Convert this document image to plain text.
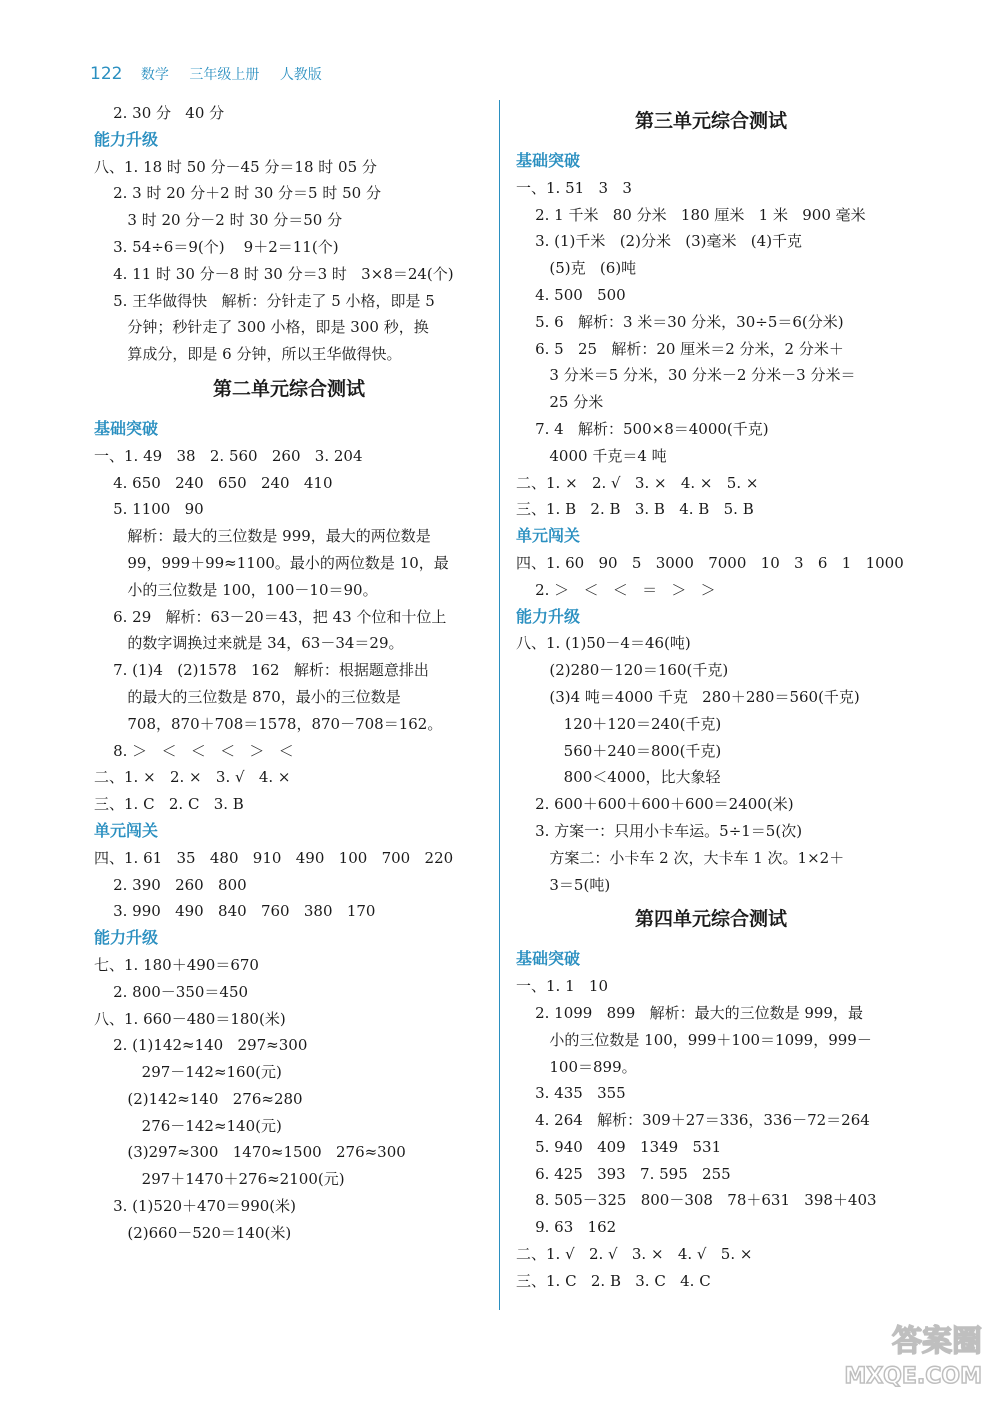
122 数学 三年级上册 人教版
2. 30 分   40 分
能力升级
八、1. 18 时 50 分－45 分＝18 时 05 分
2. 3 时 20 分＋2 时 30 分＝5 时 50 分
3 时 20 分－2 时 30 分＝50 分
3. 54÷6＝9(个)    9＋2＝11(个)
4. 11 时 30 分－8 时 30 分＝3 时   3×8＝24(个)
5. 王华做得快   解析：分针走了 5 小格，即是 5
分钟；秒针走了 300 小格，即是 300 秒，换
算成分，即是 6 分钟，所以王华做得快。
第二单元综合测试
基础突破
一、1. 49   38   2. 560   260   3. 204
4. 650   240   650   240   410
5. 1100   90
解析：最大的三位数是 999，最大的两位数是
99，999＋99≈1100。最小的两位数是 10，最
小的三位数是 100，100－10＝90。
6. 29   解析：63－20＝43，把 43 个位和十位上
的数字调换过来就是 34，63－34＝29。
7. (1)4   (2)1578   162   解析：根据题意排出
的最大的三位数是 870，最小的三位数是
708，870＋708＝1578，870－708＝162。
8. ＞   ＜   ＜   ＜   ＞   ＜
二、1. ×   2. ×   3. √   4. ×
三、1. C   2. C   3. B
单元闯关
四、1. 61   35   480   910   490   100   700   220
2. 390   260   800
3. 990   490   840   760   380   170
能力升级
七、1. 180＋490＝670
2. 800－350＝450
八、1. 660－480＝180(米)
2. (1)142≈140   297≈300
297－142≈160(元)
(2)142≈140   276≈280
276－142≈140(元)
(3)297≈300   1470≈1500   276≈300
297＋1470＋276≈2100(元)
3. (1)520＋470＝990(米)
(2)660－520＝140(米)
第三单元综合测试
基础突破
一、1. 51   3   3
2. 1 千米   80 分米   180 厘米   1 米   900 毫米
3. (1)千米   (2)分米   (3)毫米   (4)千克
(5)克   (6)吨
4. 500   500
5. 6   解析：3 米＝30 分米，30÷5＝6(分米)
6. 5   25   解析：20 厘米＝2 分米，2 分米＋
3 分米＝5 分米，30 分米－2 分米－3 分米＝
25 分米
7. 4   解析：500×8＝4000(千克)
4000 千克＝4 吨
二、1. ×   2. √   3. ×   4. ×   5. ×
三、1. B   2. B   3. B   4. B   5. B
单元闯关
四、1. 60   90   5   3000   7000   10   3   6   1   1000
2. ＞   ＜   ＜   ＝   ＞   ＞
能力升级
八、1. (1)50－4＝46(吨)
(2)280－120＝160(千克)
(3)4 吨＝4000 千克   280＋280＝560(千克)
120＋120＝240(千克)
560＋240＝800(千克)
800＜4000，比大象轻
2. 600＋600＋600＋600＝2400(米)
3. 方案一：只用小卡车运。5÷1＝5(次)
方案二：小卡车 2 次，大卡车 1 次。1×2＋
3＝5(吨)
第四单元综合测试
基础突破
一、1. 1   10
2. 1099   899   解析：最大的三位数是 999，最
小的三位数是 100，999＋100＝1099，999－
100＝899。
3. 435   355
4. 264   解析：309＋27＝336，336－72＝264
5. 940   409   1349   531
6. 425   393   7. 595   255
8. 505－325   800－308   78＋631   398＋403
9. 63   162
二、1. √   2. √   3. ×   4. √   5. ×
三、1. C   2. B   3. C   4. C
答案圈
MXQE.COM
